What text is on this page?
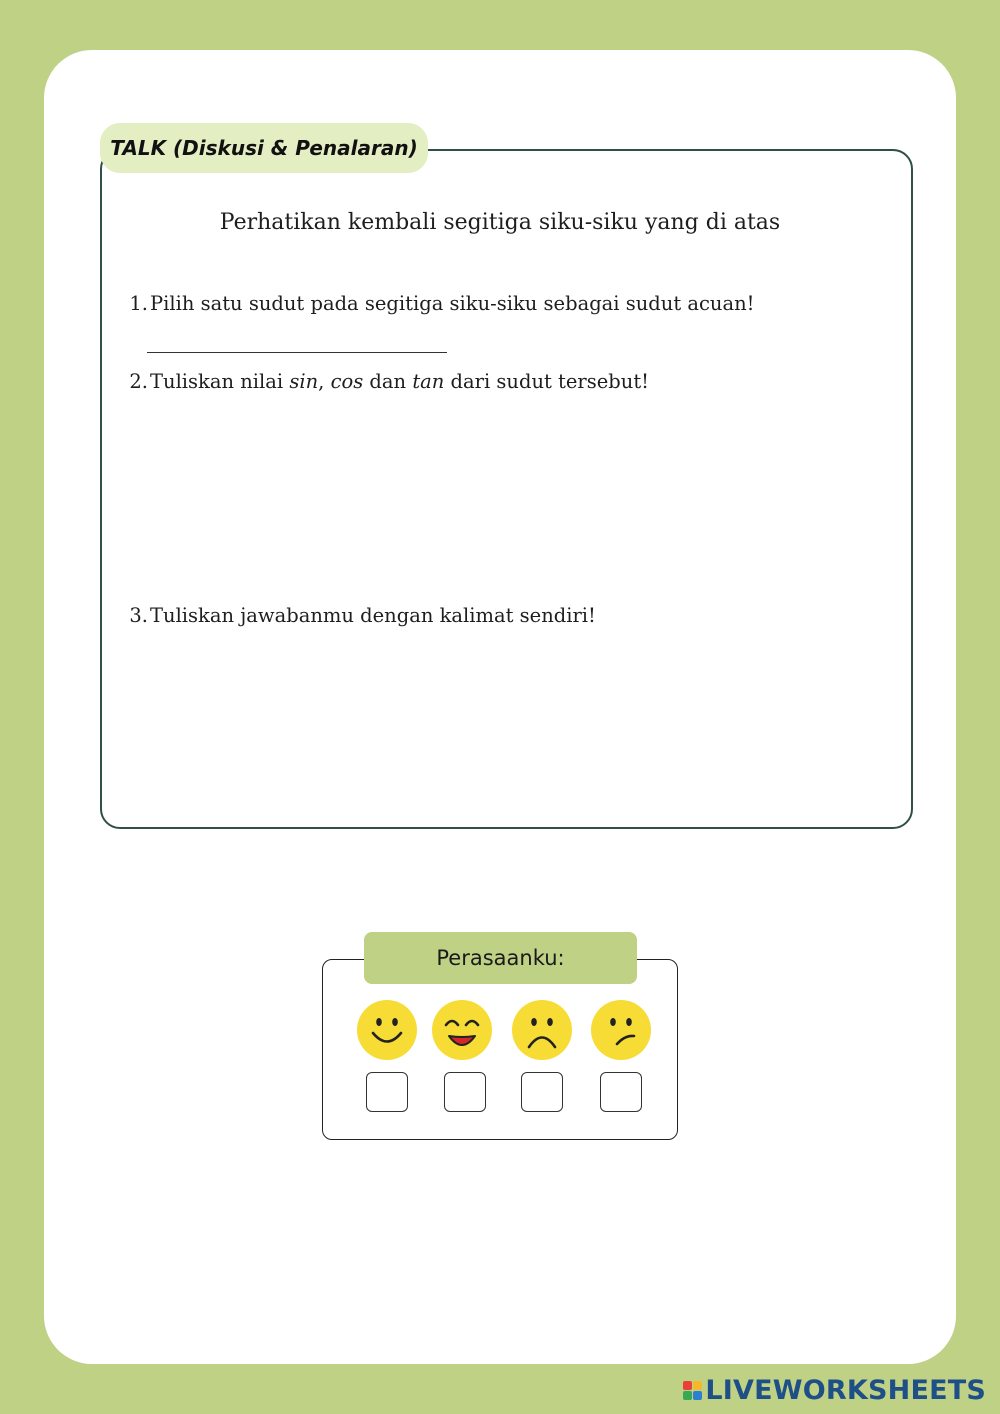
TALK (Diskusi & Penalaran)
Perhatikan kembali segitiga siku-siku yang di atas
1. Pilih satu sudut pada segitiga siku-siku sebagai sudut acuan!
2. Tuliskan nilai sin, cos dan tan dari sudut tersebut!
3. Tuliskan jawabanmu dengan kalimat sendiri!
Perasaanku:
LIVEWORKSHEETS
